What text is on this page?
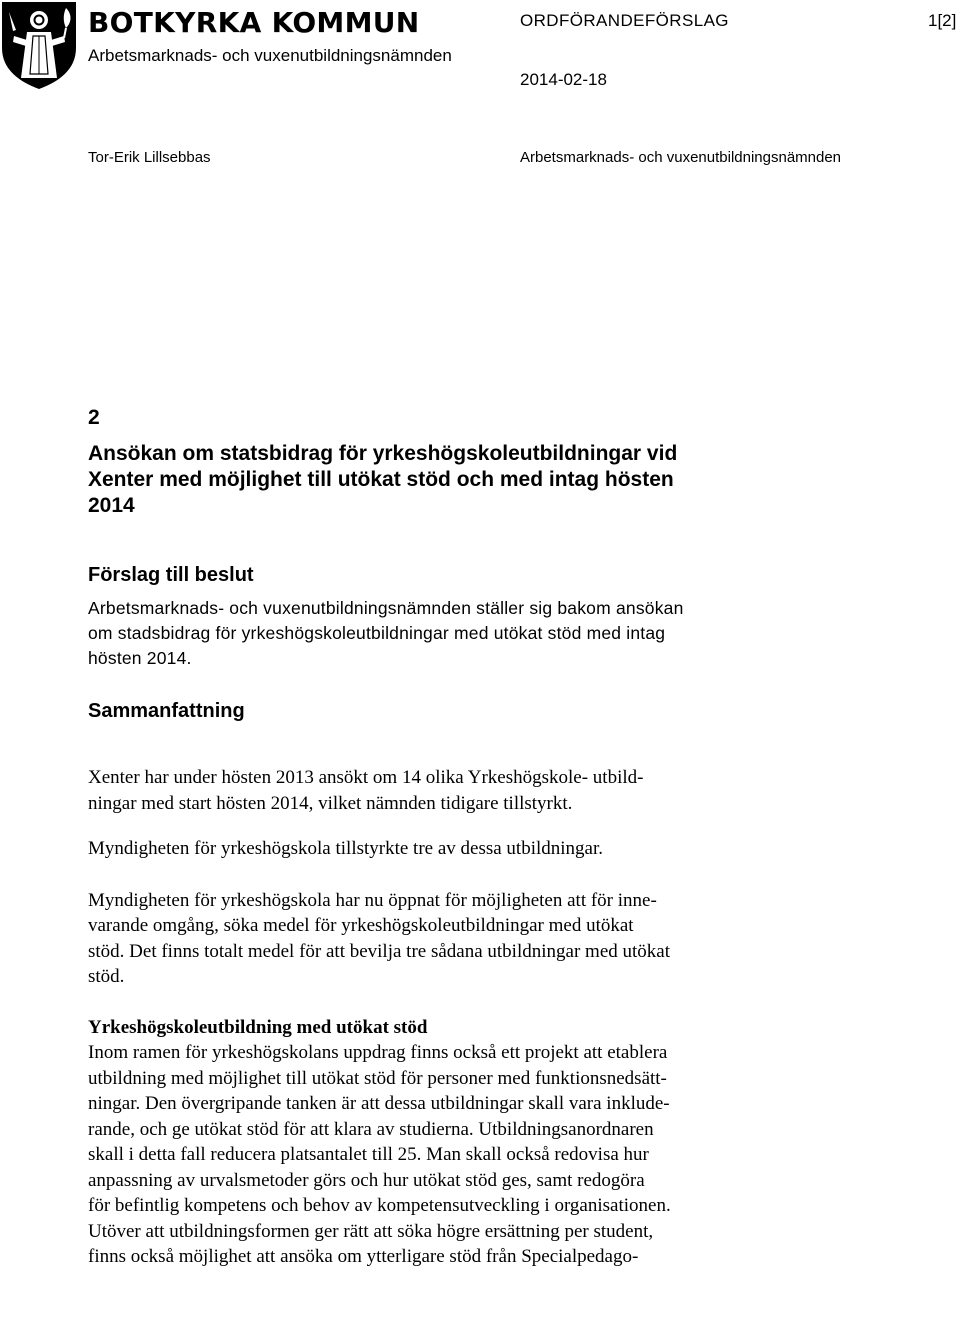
BOTKYRKA KOMMUN
Arbetsmarknads- och vuxenutbildningsnämnden
ORDFÖRANDEFÖRSLAG	1[2]
2014-02-18
Tor-Erik Lillsebbas	Arbetsmarknads- och vuxenutbildningsnämnden

2

Ansökan om statsbidrag för yrkeshögskoleutbildningar vid
Xenter med möjlighet till utökat stöd och med intag hösten
2014
Förslag till beslut

Arbetsmarknads- och vuxenutbildningsnämnden ställer sig bakom ansökan
om stadsbidrag för yrkeshögskoleutbildningar med utökat stöd med intag
hösten 2014.

Sammanfattning

Xenter har under hösten 2013 ansökt om 14 olika Yrkeshögskole- utbild-
ningar med start hösten 2014, vilket nämnden tidigare tillstyrkt.

Myndigheten för yrkeshögskola tillstyrkte tre av dessa utbildningar.

Myndigheten för yrkeshögskola har nu öppnat för möjligheten att för inne-
varande omgång, söka medel för yrkeshögskoleutbildningar med utökat
stöd. Det finns totalt medel för att bevilja tre sådana utbildningar med utökat
stöd.

Yrkeshögskoleutbildning med utökat stöd

Inom ramen för yrkeshögskolans uppdrag finns också ett projekt att etablera
utbildning med möjlighet till utökat stöd för personer med funktionsnedsätt-
ningar. Den övergripande tanken är att dessa utbildningar skall vara inklude-
rande, och ge utökat stöd för att klara av studierna. Utbildningsanordnaren
skall i detta fall reducera platsantalet till 25. Man skall också redovisa hur
anpassning av urvalsmetoder görs och hur utökat stöd ges, samt redogöra
för befintlig kompetens och behov av kompetensutveckling i organisationen.
Utöver att utbildningsformen ger rätt att söka högre ersättning per student,
finns också möjlighet att ansöka om ytterligare stöd från Specialpedago-
